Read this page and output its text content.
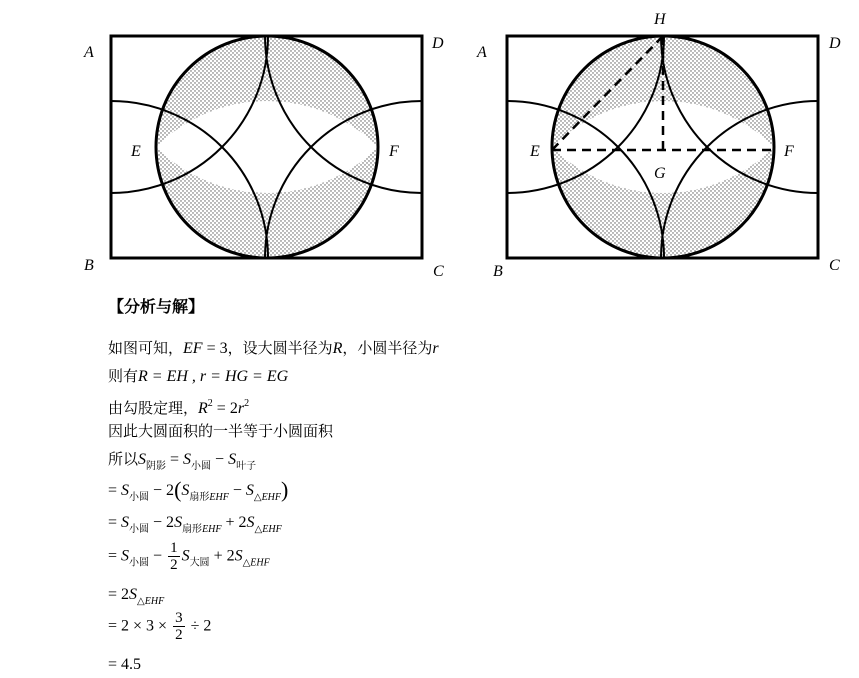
A
D
B	C
E	F
H
A
D
B	C
E	F
G
【分析与解】
如图可知，EF = 3，设大圆半径为R，小圆半径为r
则有R = EH , r = HG = EG
由勾股定理，$R^2 = 2r^2$
因此大圆面积的一半等于小圆面积
所以$S_{阴影} = S_{小圆} - S_{叶子}$
= $S_{小圆} - 2(S_{扇形EHF} - S_{\triangle EHF})$
= $S_{小圆} - 2S_{扇形EHF} + 2S_{\triangle EHF}$
= $S_{小圆} - \frac{1}{2} S_{大圆} + 2S_{\triangle EHF}$
= $2S_{\triangle EHF}$
= $2 \times 3 \times \frac{3}{2} \div 2$
= 4.5
